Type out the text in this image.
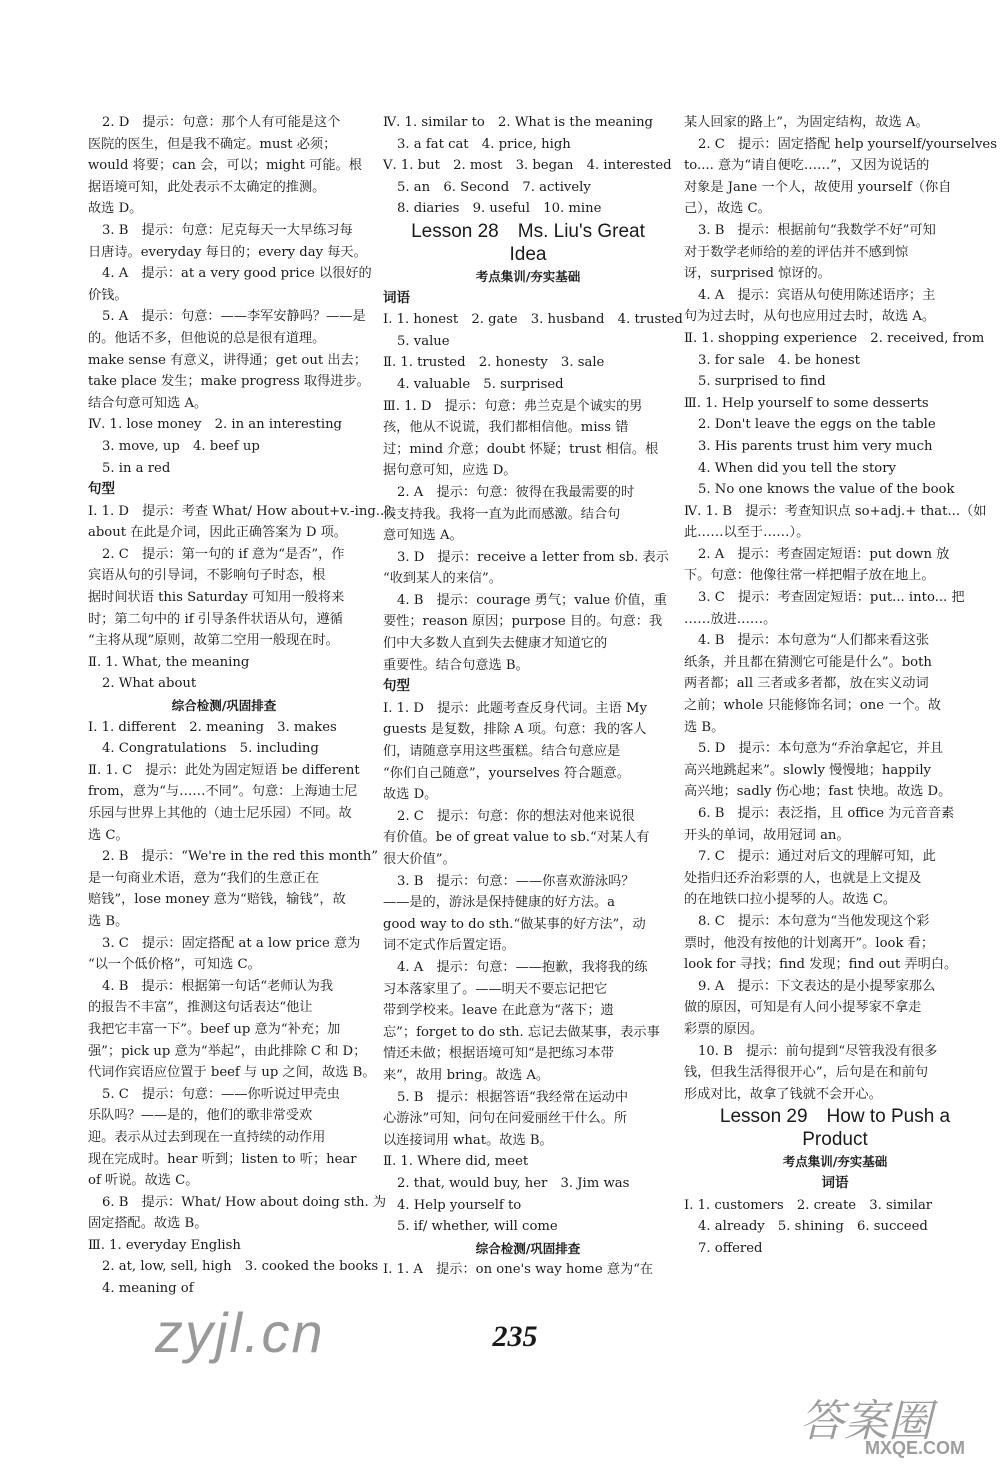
2. D　提示：句意：那个人有可能是这个
医院的医生，但是我不确定。must 必须；
would 将要；can 会，可以；might 可能。根
据语境可知，此处表示不太确定的推测。
故选 D。
3. B　提示：句意：尼克每天一大早练习每
日唐诗。everyday 每日的；every day 每天。
4. A　提示：at a very good price 以很好的
价钱。
5. A　提示：句意：——李军安静吗？——是
的。他话不多，但他说的总是很有道理。
make sense 有意义，讲得通；get out 出去；
take place 发生；make progress 取得进步。
结合句意可知选 A。
Ⅳ. 1. lose money　2. in an interesting
3. move, up　4. beef up
5. in a red
句型
Ⅰ. 1. D　提示：考查 What/ How about+v.-ing..?,
about 在此是介词，因此正确答案为 D 项。
2. C　提示：第一句的 if 意为“是否”，作
宾语从句的引导词，不影响句子时态，根
据时间状语 this Saturday 可知用一般将来
时；第二句中的 if 引导条件状语从句，遵循
“主将从现”原则，故第二空用一般现在时。
Ⅱ. 1. What, the meaning
2. What about
综合检测/巩固排查
Ⅰ. 1. different　2. meaning　3. makes
4. Congratulations　5. including
Ⅱ. 1. C　提示：此处为固定短语 be different
from，意为“与……不同”。句意：上海迪士尼
乐园与世界上其他的（迪士尼乐园）不同。故
选 C。
2. B　提示：“We're in the red this month”
是一句商业术语，意为“我们的生意正在
赔钱”，lose money 意为“赔钱，输钱”，故
选 B。
3. C　提示：固定搭配 at a low price 意为
“以一个低价格”，可知选 C。
4. B　提示：根据第一句话“老师认为我
的报告不丰富”，推测这句话表达“他让
我把它丰富一下”。beef up 意为“补充；加
强”；pick up 意为“举起”，由此排除 C 和 D；
代词作宾语应位置于 beef 与 up 之间，故选 B。
5. C　提示：句意：——你听说过甲壳虫
乐队吗？——是的，他们的歌非常受欢
迎。表示从过去到现在一直持续的动作用
现在完成时。hear 听到；listen to 听；hear
of 听说。故选 C。
6. B　提示：What/ How about doing sth. 为
固定搭配。故选 B。
Ⅲ. 1. everyday English
2. at, low, sell, high　3. cooked the books
4. meaning of
Ⅳ. 1. similar to　2. What is the meaning
3. a fat cat　4. price, high
Ⅴ. 1. but　2. most　3. began　4. interested
5. an　6. Second　7. actively
8. diaries　9. useful　10. mine
Lesson 28　Ms. Liu's Great
Idea
考点集训/夯实基础
词语
Ⅰ. 1. honest　2. gate　3. husband　4. trusted
5. value
Ⅱ. 1. trusted　2. honesty　3. sale
4. valuable　5. surprised
Ⅲ. 1. D　提示：句意：弗兰克是个诚实的男
孩，他从不说谎，我们都相信他。miss 错
过；mind 介意；doubt 怀疑；trust 相信。根
据句意可知，应选 D。
2. A　提示：句意：彼得在我最需要的时
候支持我。我将一直为此而感激。结合句
意可知选 A。
3. D　提示：receive a letter from sb. 表示
“收到某人的来信”。
4. B　提示：courage 勇气；value 价值，重
要性；reason 原因；purpose 目的。句意：我
们中大多数人直到失去健康才知道它的
重要性。结合句意选 B。
句型
Ⅰ. 1. D　提示：此题考查反身代词。主语 My
guests 是复数，排除 A 项。句意：我的客人
们，请随意享用这些蛋糕。结合句意应是
“你们自己随意”，yourselves 符合题意。
故选 D。
2. C　提示：句意：你的想法对他来说很
有价值。be of great value to sb.“对某人有
很大价值”。
3. B　提示：句意：——你喜欢游泳吗？
——是的，游泳是保持健康的好方法。a
good way to do sth.“做某事的好方法”，动
词不定式作后置定语。
4. A　提示：句意：——抱歉，我将我的练
习本落家里了。——明天不要忘记把它
带到学校来。leave 在此意为“落下；遗
忘”；forget to do sth. 忘记去做某事，表示事
情还未做；根据语境可知“是把练习本带
来”，故用 bring。故选 A。
5. B　提示：根据答语“我经常在运动中
心游泳”可知，问句在问爱丽丝干什么。所
以连接词用 what。故选 B。
Ⅱ. 1. Where did, meet
2. that, would buy, her　3. Jim was
4. Help yourself to
5. if/ whether, will come
综合检测/巩固排查
Ⅰ. 1. A　提示：on one's way home 意为“在
某人回家的路上”，为固定结构，故选 A。
2. C　提示：固定搭配 help yourself/yourselves
to.... 意为“请自便吃……”，又因为说话的
对象是 Jane 一个人，故使用 yourself（你自
己），故选 C。
3. B　提示：根据前句“我数学不好”可知
对于数学老师给的差的评估并不感到惊
讶，surprised 惊讶的。
4. A　提示：宾语从句使用陈述语序；主
句为过去时，从句也应用过去时，故选 A。
Ⅱ. 1. shopping experience　2. received, from
3. for sale　4. be honest
5. surprised to find
Ⅲ. 1. Help yourself to some desserts
2. Don't leave the eggs on the table
3. His parents trust him very much
4. When did you tell the story
5. No one knows the value of the book
Ⅳ. 1. B　提示：考查知识点 so+adj.+ that...（如
此……以至于……）。
2. A　提示：考查固定短语：put down 放
下。句意：他像往常一样把帽子放在地上。
3. C　提示：考查固定短语：put... into... 把
……放进……。
4. B　提示：本句意为“人们都来看这张
纸条，并且都在猜测它可能是什么”。both
两者都；all 三者或多者都，放在实义动词
之前；whole 只能修饰名词；one 一个。故
选 B。
5. D　提示：本句意为“乔治拿起它，并且
高兴地跳起来”。slowly 慢慢地；happily
高兴地；sadly 伤心地；fast 快地。故选 D。
6. B　提示：表泛指，且 office 为元音音素
开头的单词，故用冠词 an。
7. C　提示：通过对后文的理解可知，此
处指归还乔治彩票的人，也就是上文提及
的在地铁口拉小提琴的人。故选 C。
8. C　提示：本句意为“当他发现这个彩
票时，他没有按他的计划离开”。look 看；
look for 寻找；find 发现；find out 弄明白。
9. A　提示：下文表达的是小提琴家那么
做的原因，可知是有人问小提琴家不拿走
彩票的原因。
10. B　提示：前句提到“尽管我没有很多
钱，但我生活得很开心”，后句是在和前句
形成对比，故拿了钱就不会开心。
Lesson 29　How to Push a
Product
考点集训/夯实基础
词语
Ⅰ. 1. customers　2. create　3. similar
4. already　5. shining　6. succeed
7. offered
235
zyjl.cn
答案圈
MXQE.COM
